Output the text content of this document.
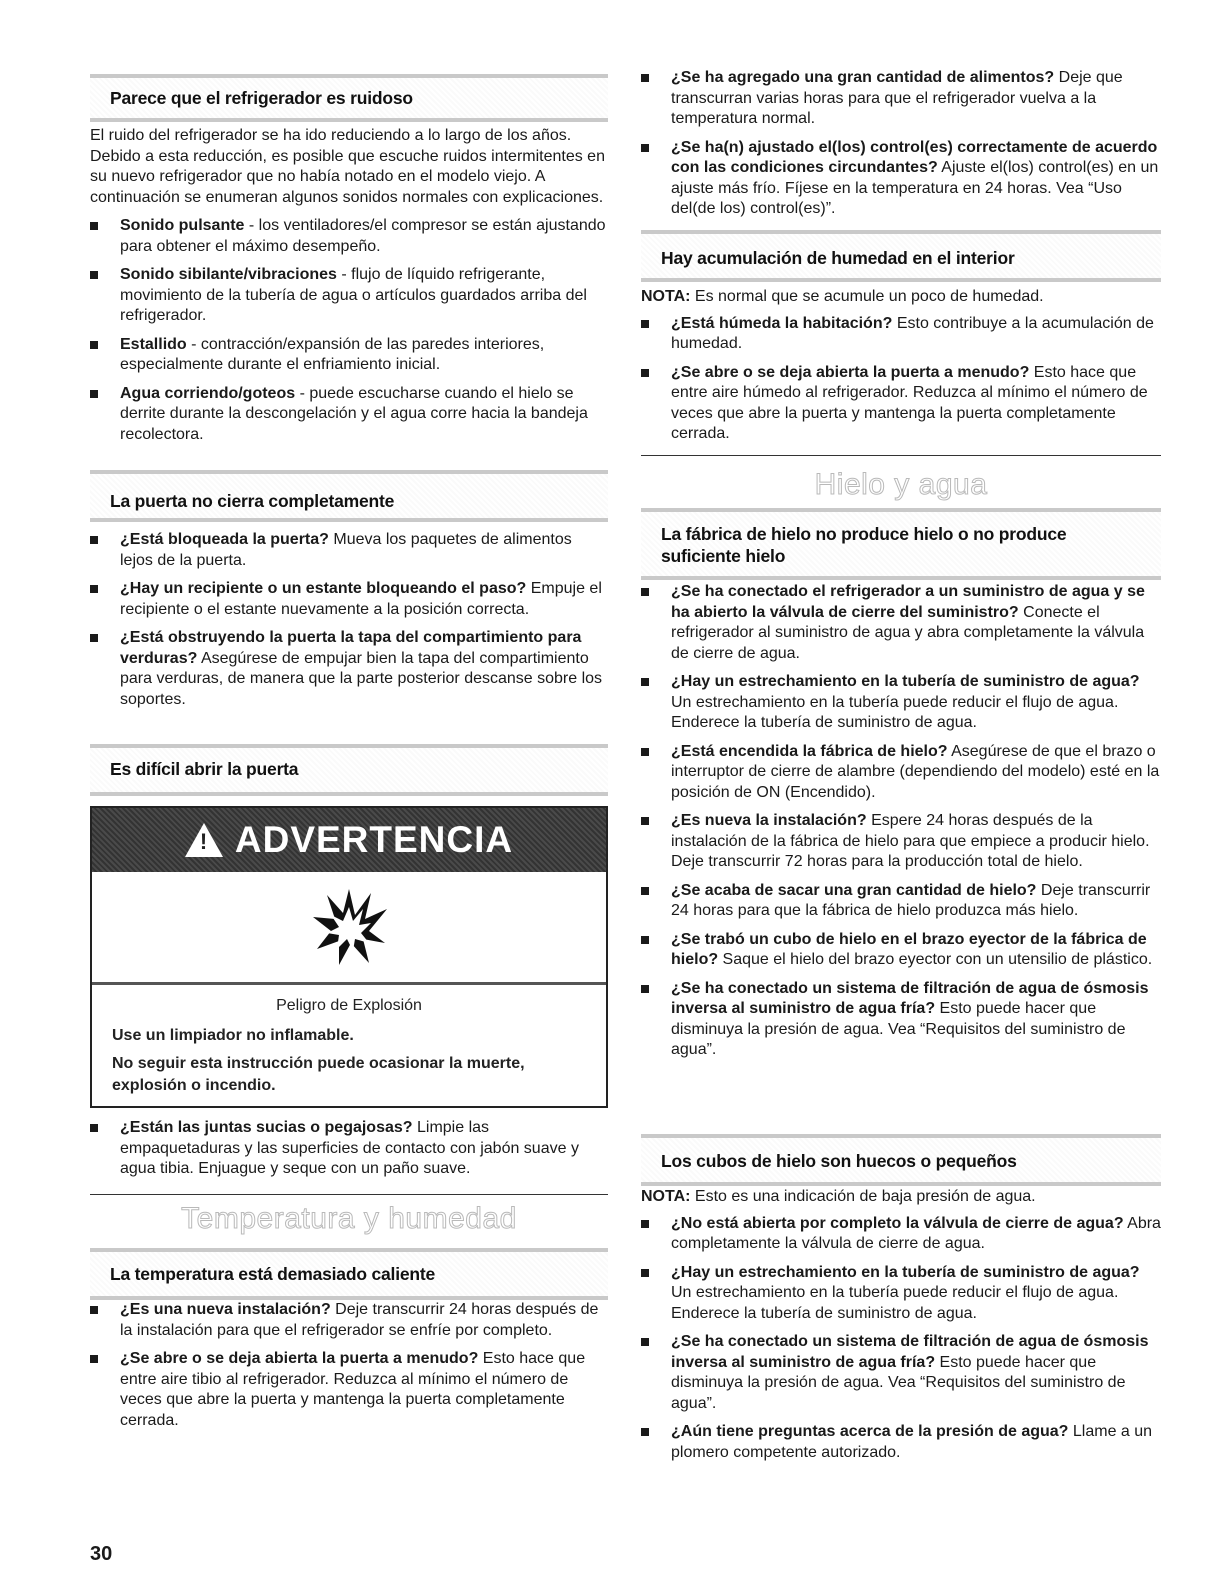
Parece que el refrigerador es ruidoso

El ruido del refrigerador se ha ido reduciendo a lo largo de los años. Debido a esta reducción, es posible que escuche ruidos intermitentes en su nuevo refrigerador que no había notado en el modelo viejo. A continuación se enumeran algunos sonidos normales con explicaciones.

Sonido pulsante - los ventiladores/el compresor se están ajustando para obtener el máximo desempeño.
Sonido sibilante/vibraciones - flujo de líquido refrigerante, movimiento de la tubería de agua o artículos guardados arriba del refrigerador.
Estallido - contracción/expansión de las paredes interiores, especialmente durante el enfriamiento inicial.
Agua corriendo/goteos - puede escucharse cuando el hielo se derrite durante la descongelación y el agua corre hacia la bandeja recolectora.
La puerta no cierra completamente
¿Está bloqueada la puerta? Mueva los paquetes de alimentos lejos de la puerta.
¿Hay un recipiente o un estante bloqueando el paso? Empuje el recipiente o el estante nuevamente a la posición correcta.
¿Está obstruyendo la puerta la tapa del compartimiento para verduras? Asegúrese de empujar bien la tapa del compartimiento para verduras, de manera que la parte posterior descanse sobre los soportes.
Es difícil abrir la puerta
! ADVERTENCIA
Peligro de Explosión

Use un limpiador no inflamable.

No seguir esta instrucción puede ocasionar la muerte, explosión o incendio.

¿Están las juntas sucias o pegajosas? Limpie las empaquetaduras y las superficies de contacto con jabón suave y agua tibia. Enjuague y seque con un paño suave.
Temperatura y humedad
La temperatura está demasiado caliente
¿Es una nueva instalación? Deje transcurrir 24 horas después de la instalación para que el refrigerador se enfríe por completo.
¿Se abre o se deja abierta la puerta a menudo? Esto hace que entre aire tibio al refrigerador. Reduzca al mínimo el número de veces que abre la puerta y mantenga la puerta completamente cerrada.
30
¿Se ha agregado una gran cantidad de alimentos? Deje que transcurran varias horas para que el refrigerador vuelva a la temperatura normal.
¿Se ha(n) ajustado el(los) control(es) correctamente de acuerdo con las condiciones circundantes? Ajuste el(los) control(es) en un ajuste más frío. Fíjese en la temperatura en 24 horas. Vea “Uso del(de los) control(es)”.
Hay acumulación de humedad en el interior

NOTA: Es normal que se acumule un poco de humedad.

¿Está húmeda la habitación? Esto contribuye a la acumulación de humedad.
¿Se abre o se deja abierta la puerta a menudo? Esto hace que entre aire húmedo al refrigerador. Reduzca al mínimo el número de veces que abre la puerta y mantenga la puerta completamente cerrada.
Hielo y agua
La fábrica de hielo no produce hielo o no produce suficiente hielo
¿Se ha conectado el refrigerador a un suministro de agua y se ha abierto la válvula de cierre del suministro? Conecte el refrigerador al suministro de agua y abra completamente la válvula de cierre de agua.
¿Hay un estrechamiento en la tubería de suministro de agua? Un estrechamiento en la tubería puede reducir el flujo de agua. Enderece la tubería de suministro de agua.
¿Está encendida la fábrica de hielo? Asegúrese de que el brazo o interruptor de cierre de alambre (dependiendo del modelo) esté en la posición de ON (Encendido).
¿Es nueva la instalación? Espere 24 horas después de la instalación de la fábrica de hielo para que empiece a producir hielo. Deje transcurrir 72 horas para la producción total de hielo.
¿Se acaba de sacar una gran cantidad de hielo? Deje transcurrir 24 horas para que la fábrica de hielo produzca más hielo.
¿Se trabó un cubo de hielo en el brazo eyector de la fábrica de hielo? Saque el hielo del brazo eyector con un utensilio de plástico.
¿Se ha conectado un sistema de filtración de agua de ósmosis inversa al suministro de agua fría? Esto puede hacer que disminuya la presión de agua. Vea “Requisitos del suministro de agua”.
Los cubos de hielo son huecos o pequeños

NOTA: Esto es una indicación de baja presión de agua.

¿No está abierta por completo la válvula de cierre de agua? Abra completamente la válvula de cierre de agua.
¿Hay un estrechamiento en la tubería de suministro de agua? Un estrechamiento en la tubería puede reducir el flujo de agua. Enderece la tubería de suministro de agua.
¿Se ha conectado un sistema de filtración de agua de ósmosis inversa al suministro de agua fría? Esto puede hacer que disminuya la presión de agua. Vea “Requisitos del suministro de agua”.
¿Aún tiene preguntas acerca de la presión de agua? Llame a un plomero competente autorizado.
